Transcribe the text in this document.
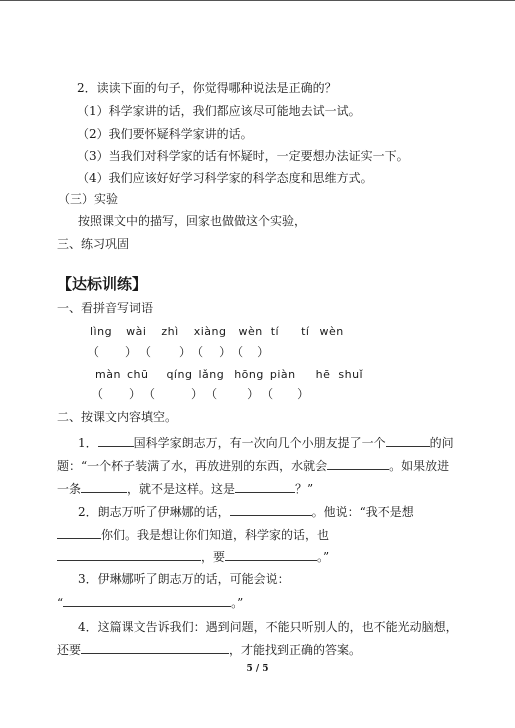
2．读读下面的句子，你觉得哪种说法是正确的？
（1）科学家讲的话，我们都应该尽可能地去试一试。
（2）我们要怀疑科学家讲的话。
（3）当我们对科学家的话有怀疑时，一定要想办法证实一下。
（4）我们应该好好学习科学家的科学态度和思维方式。
（三）实验
按照课文中的描写，回家也做做这个实验，
三、练习巩固
【达标训练】
一、看拼音写词语
lìng wài zhì xiàng wèn tí tí wèn
（ ） （ ）（ ）（ ）
màn chū qíng lǎng hōng piàn hē shuǐ
（ ） （	） （	） （ ）
二、按课文内容填空。
1．	国科学家朗志万，有一次向几个小朋友提了一个	的问
题：“一个杯子装满了水，再放进别的东西，水就会	。如果放进
一条	，就不是这样。这是	？”
2．朗志万听了伊琳娜的话，	。他说：“我不是想
你们。我是想让你们知道，科学家的话，也
，要	。”
3．伊琳娜听了朗志万的话，可能会说：
“	。”
4．这篇课文告诉我们：遇到问题，不能只听别人的，也不能光动脑想，
还要	，才能找到正确的答案。
5 / 5
